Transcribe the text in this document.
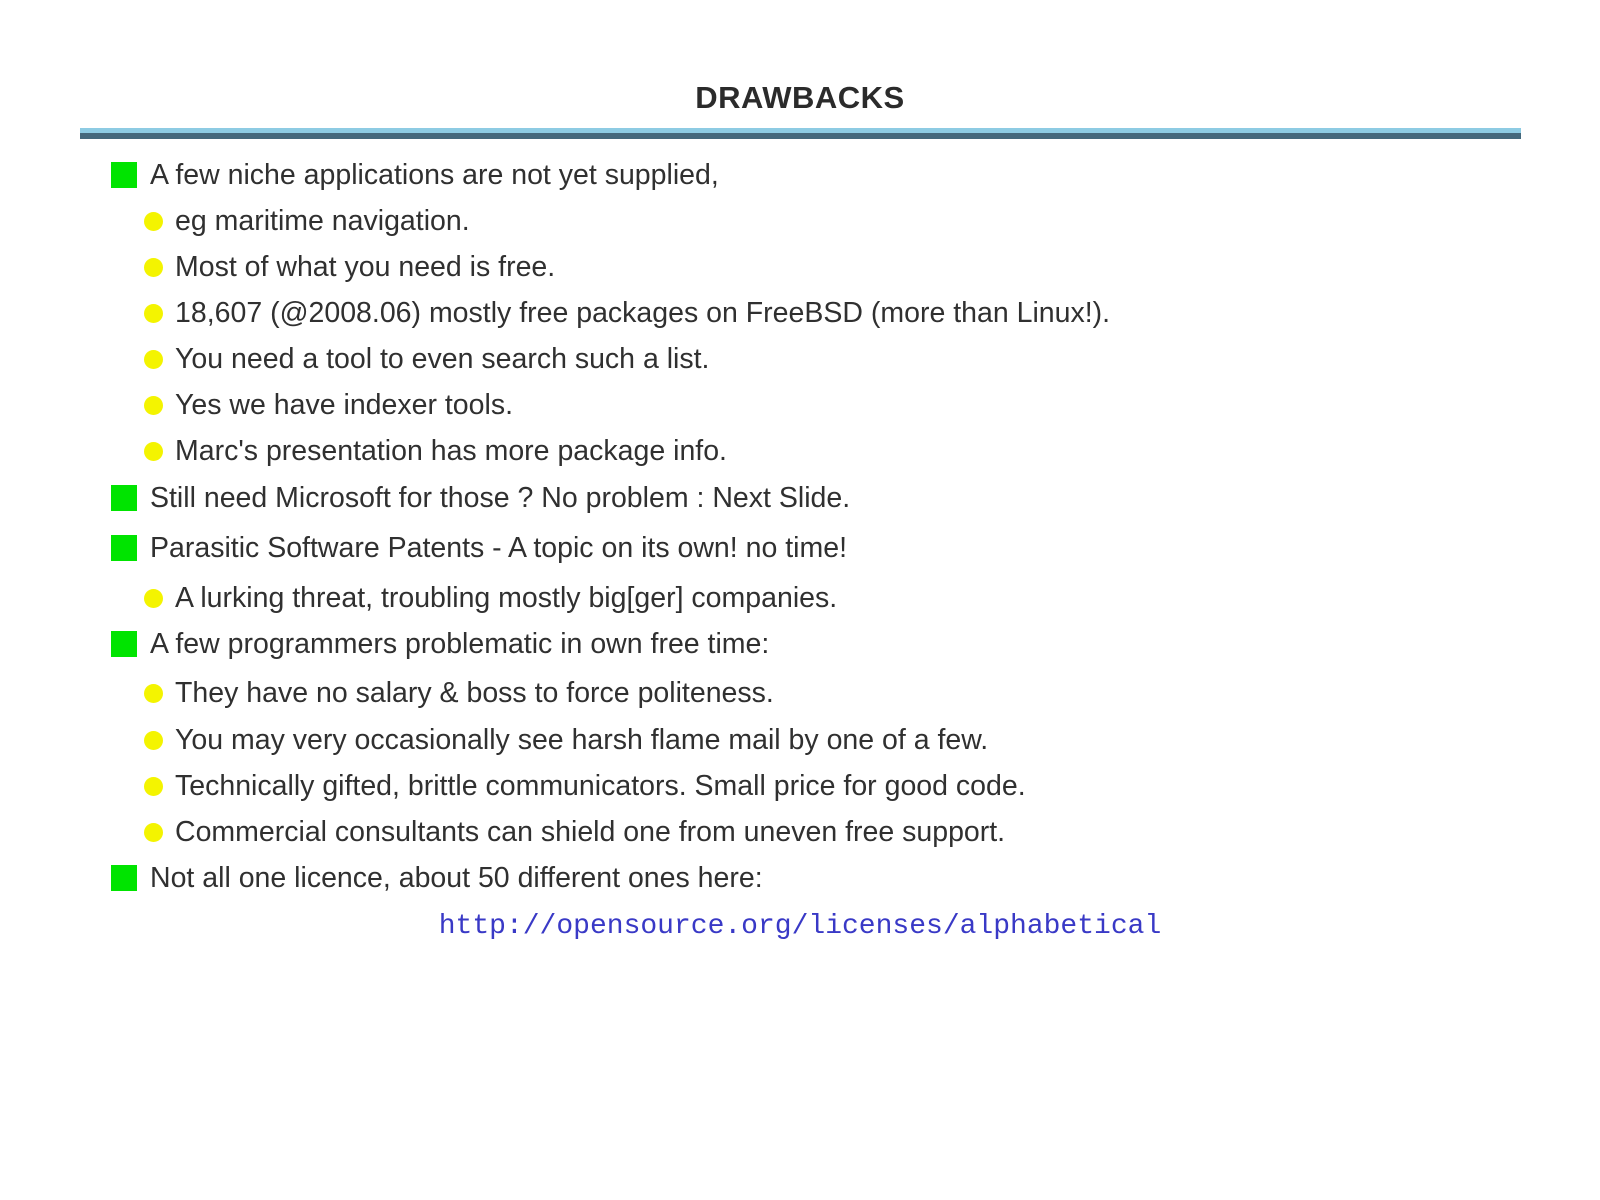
DRAWBACKS
A few niche applications are not yet supplied,
eg maritime navigation.
Most of what you need is free.
18,607 (@2008.06) mostly free packages on FreeBSD (more than Linux!).
You need a tool to even search such a list.
Yes we have indexer tools.
Marc's presentation has more package info.
Still need Microsoft for those ? No problem : Next Slide.
Parasitic Software Patents - A topic on its own! no time!
A lurking threat, troubling mostly big[ger] companies.
A few programmers problematic in own free time:
They have no salary & boss to force politeness.
You may very occasionally see harsh flame mail by one of a few.
Technically gifted, brittle communicators. Small price for good code.
Commercial consultants can shield one from uneven free support.
Not all one licence, about 50 different ones here:
http://opensource.org/licenses/alphabetical
